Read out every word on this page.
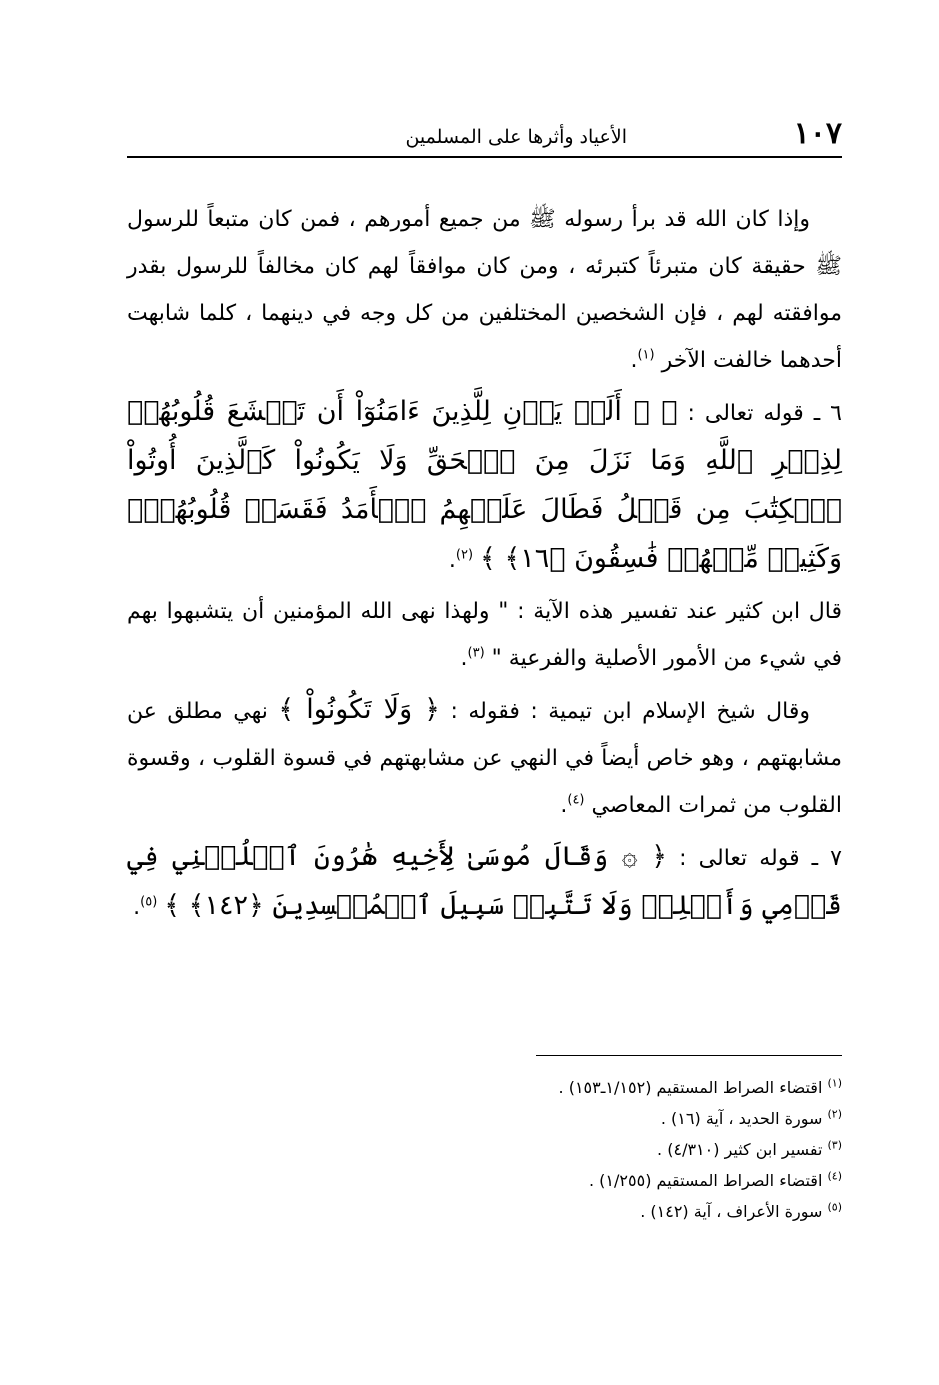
١٠٧
الأعياد وأثرها على المسلمين

وإذا كان الله قد برأ رسوله ﷺ من جميع أمورهم ، فمن كان متبعاً للرسول ﷺ حقيقة كان متبرئاً كتبرئه ، ومن كان موافقاً لهم كان مخالفاً للرسول بقدر موافقته لهم ، فإن الشخصين المختلفين من كل وجه في دينهما ، كلما شابهت أحدهما خالفت الآخر $^{(١)}$.

٦ ـ قوله تعالى : ﴿ ۞ أَلَمۡ يَأۡنِ لِلَّذِينَ ءَامَنُوٓاْ أَن تَخۡشَعَ قُلُوبُهُمۡ لِذِكۡرِ ٱللَّهِ وَمَا نَزَلَ مِنَ ٱلۡحَقِّ وَلَا يَكُونُواْ كَٱلَّذِينَ أُوتُواْ ٱلۡكِتَٰبَ مِن قَبۡلُ فَطَالَ عَلَيۡهِمُ ٱلۡأَمَدُ فَقَسَتۡ قُلُوبُهُمۡۖ وَكَثِيرٞ مِّنۡهُمۡ فَٰسِقُونَ ﴿١٦﴾ ﴾ $^{(٢)}$.

قال ابن كثير عند تفسير هذه الآية : " ولهذا نهى الله المؤمنين أن يتشبهوا بهم في شيء من الأمور الأصلية والفرعية " $^{(٣)}$.

وقال شيخ الإسلام ابن تيمية : فقوله : ﴿ وَلَا تَكُونُواْ ﴾ نهي مطلق عن مشابهتهم ، وهو خاص أيضاً في النهي عن مشابهتهم في قسوة القلوب ، وقسوة القلوب من ثمرات المعاصي $^{(٤)}$.

٧ ـ قوله تعالى : ﴿ ۞ وَقَالَ مُوسَىٰ لِأَخِيهِ هَٰرُونَ ٱخۡلُفۡنِي فِي قَوۡمِي وَأَصۡلِحۡ وَلَا تَتَّبِعۡ سَبِيلَ ٱلۡمُفۡسِدِينَ ﴿١٤٢﴾ ﴾ $^{(٥)}$.

$^{(١)}$ اقتضاء الصراط المستقيم (١/١٥٢ـ١٥٣) .

$^{(٢)}$ سورة الحديد ، آية (١٦) .

$^{(٣)}$ تفسير ابن كثير (٤/٣١٠) .

$^{(٤)}$ اقتضاء الصراط المستقيم (١/٢٥٥) .

$^{(٥)}$ سورة الأعراف ، آية (١٤٢) .
